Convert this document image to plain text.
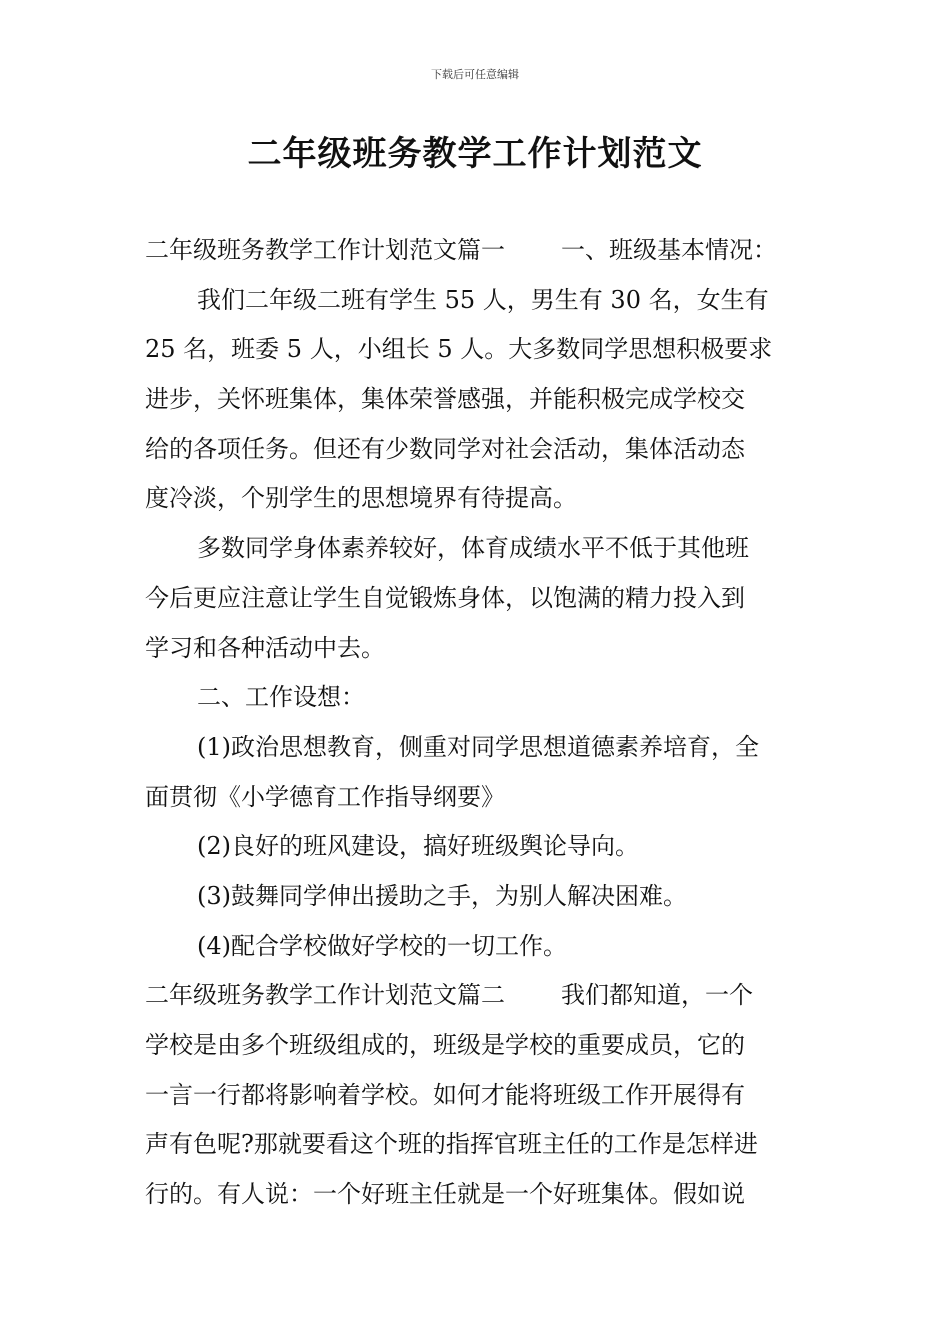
下载后可任意编辑
二年级班务教学工作计划范文
二年级班务教学工作计划范文篇一 一、班级基本情况：
我们二年级二班有学生 55 人，男生有 30 名，女生有
25 名，班委 5 人，小组长 5 人。大多数同学思想积极要求
进步，关怀班集体，集体荣誉感强，并能积极完成学校交
给的各项任务。但还有少数同学对社会活动，集体活动态
度冷淡，个别学生的思想境界有待提高。
多数同学身体素养较好，体育成绩水平不低于其他班
今后更应注意让学生自觉锻炼身体，以饱满的精力投入到
学习和各种活动中去。
二、工作设想：
(1)政治思想教育，侧重对同学思想道德素养培育，全
面贯彻《小学德育工作指导纲要》
(2)良好的班风建设，搞好班级舆论导向。
(3)鼓舞同学伸出援助之手，为别人解决困难。
(4)配合学校做好学校的一切工作。
二年级班务教学工作计划范文篇二 我们都知道，一个
学校是由多个班级组成的，班级是学校的重要成员，它的
一言一行都将影响着学校。如何才能将班级工作开展得有
声有色呢?那就要看这个班的指挥官班主任的工作是怎样进
行的。有人说：一个好班主任就是一个好班集体。假如说
